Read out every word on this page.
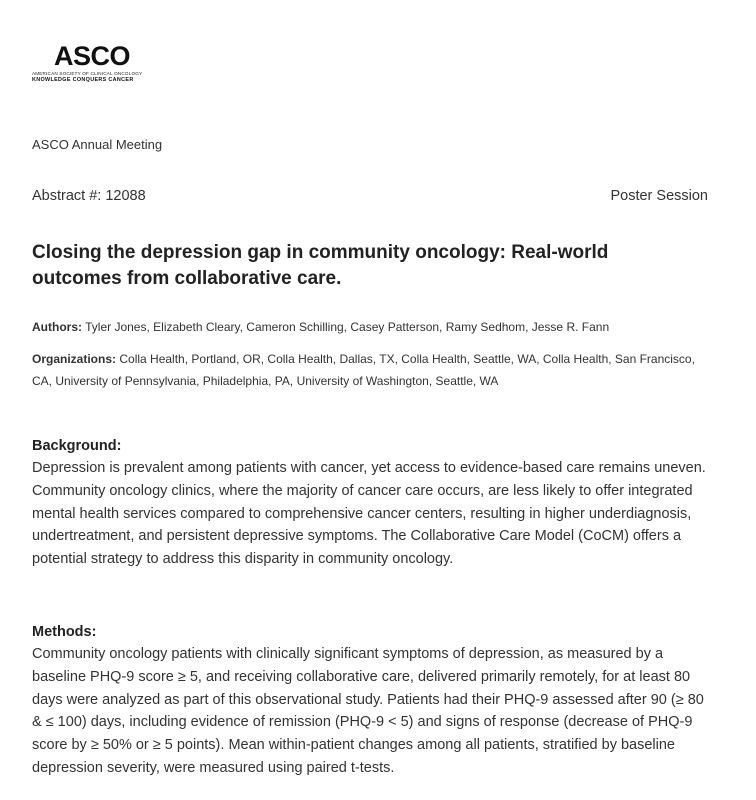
ASCO
AMERICAN SOCIETY OF CLINICAL ONCOLOGY
KNOWLEDGE CONQUERS CANCER
ASCO Annual Meeting
Abstract #: 12088	Poster Session
Closing the depression gap in community oncology: Real-world outcomes from collaborative care.
Authors: Tyler Jones, Elizabeth Cleary, Cameron Schilling, Casey Patterson, Ramy Sedhom, Jesse R. Fann
Organizations: Colla Health, Portland, OR, Colla Health, Dallas, TX, Colla Health, Seattle, WA, Colla Health, San Francisco, CA, University of Pennsylvania, Philadelphia, PA, University of Washington, Seattle, WA
Background:
Depression is prevalent among patients with cancer, yet access to evidence-based care remains uneven. Community oncology clinics, where the majority of cancer care occurs, are less likely to offer integrated mental health services compared to comprehensive cancer centers, resulting in higher underdiagnosis, undertreatment, and persistent depressive symptoms. The Collaborative Care Model (CoCM) offers a potential strategy to address this disparity in community oncology.
Methods:
Community oncology patients with clinically significant symptoms of depression, as measured by a baseline PHQ-9 score ≥ 5, and receiving collaborative care, delivered primarily remotely, for at least 80 days were analyzed as part of this observational study. Patients had their PHQ-9 assessed after 90 (≥ 80 & ≤ 100) days, including evidence of remission (PHQ-9 < 5) and signs of response (decrease of PHQ-9 score by ≥ 50% or ≥ 5 points). Mean within-patient changes among all patients, stratified by baseline depression severity, were measured using paired t-tests.
